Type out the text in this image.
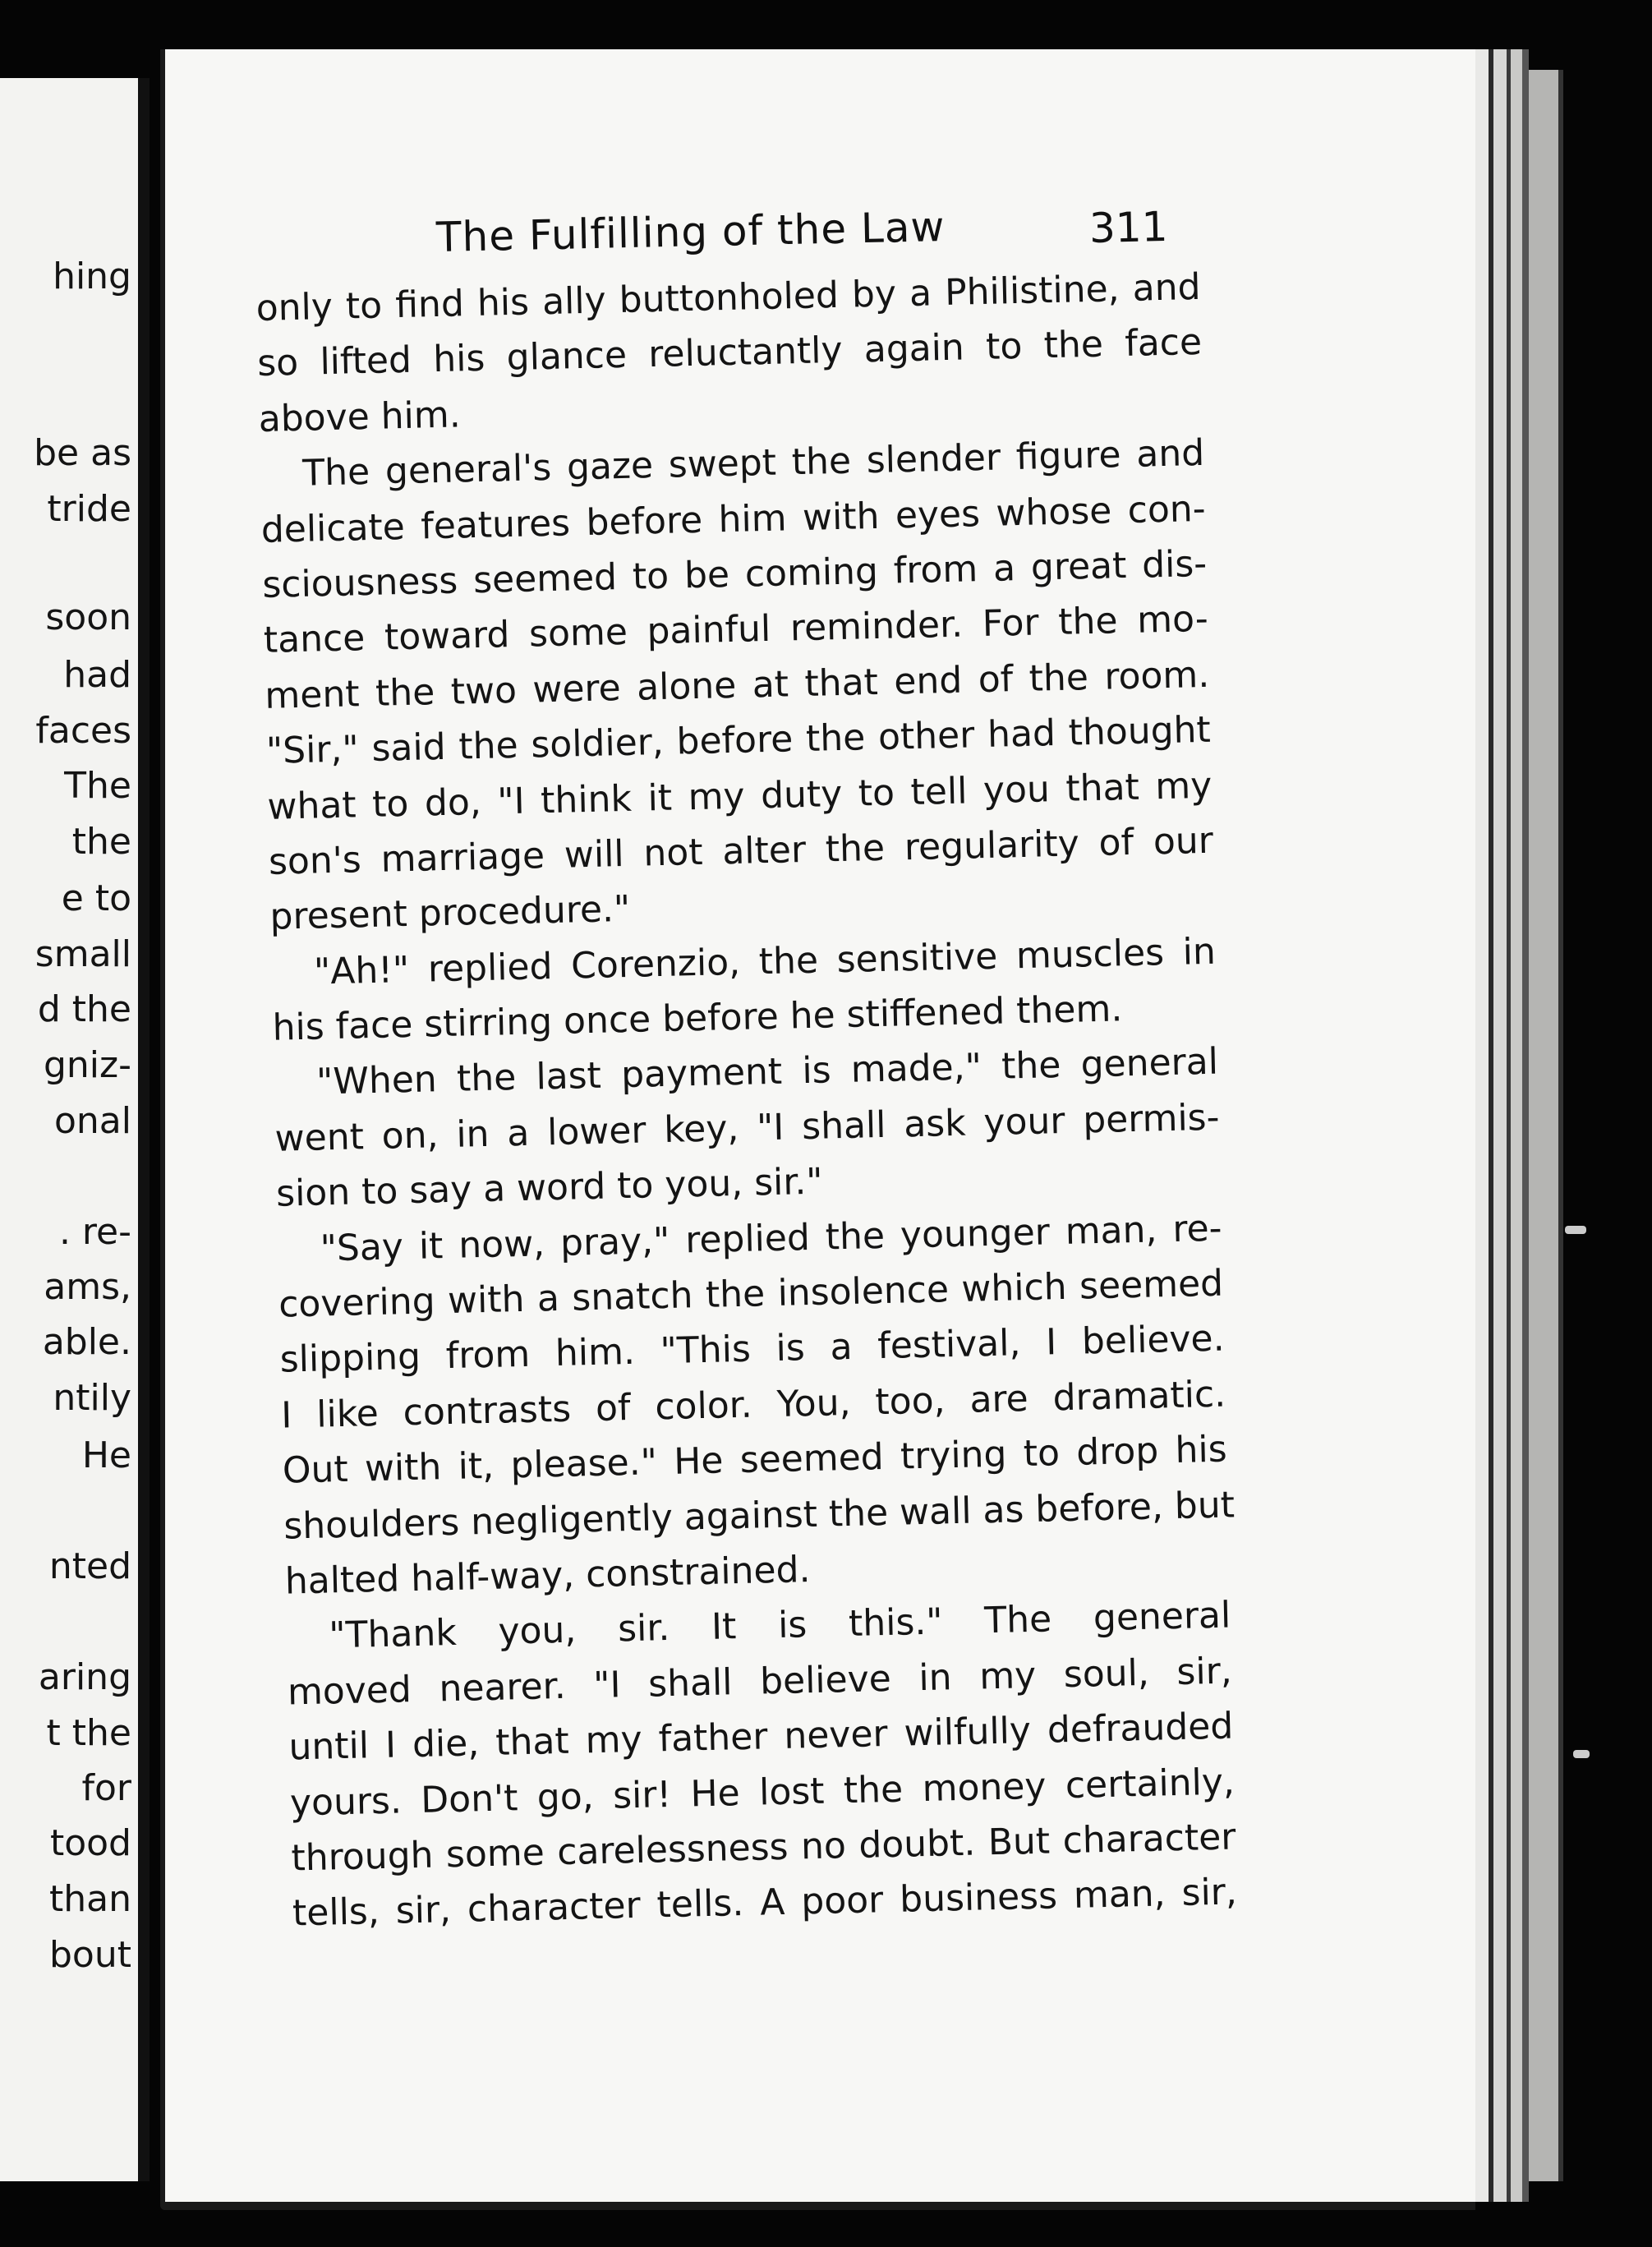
hing
be as
tride
soon
had
faces
The
the
e to
small
d the
gniz-
onal
. re-
ams,
able.
ntily
He
nted
aring
t the
for
tood
than
bout
The Fulfilling of the Law	311
only to find his ally buttonholed by a Philistine, and
so lifted his glance reluctantly again to the face
above him.
The general's gaze swept the slender figure and
delicate features before him with eyes whose con-
sciousness seemed to be coming from a great dis-
tance toward some painful reminder. For the mo-
ment the two were alone at that end of the room.
"Sir," said the soldier, before the other had thought
what to do, "I think it my duty to tell you that my
son's marriage will not alter the regularity of our
present procedure."
"Ah!" replied Corenzio, the sensitive muscles in
his face stirring once before he stiffened them.
"When the last payment is made," the general
went on, in a lower key, "I shall ask your permis-
sion to say a word to you, sir."
"Say it now, pray," replied the younger man, re-
covering with a snatch the insolence which seemed
slipping from him. "This is a festival, I believe.
I like contrasts of color. You, too, are dramatic.
Out with it, please." He seemed trying to drop his
shoulders negligently against the wall as before, but
halted half-way, constrained.
"Thank you, sir. It is this." The general
moved nearer. "I shall believe in my soul, sir,
until I die, that my father never wilfully defrauded
yours. Don't go, sir! He lost the money certainly,
through some carelessness no doubt. But character
tells, sir, character tells. A poor business man, sir,
